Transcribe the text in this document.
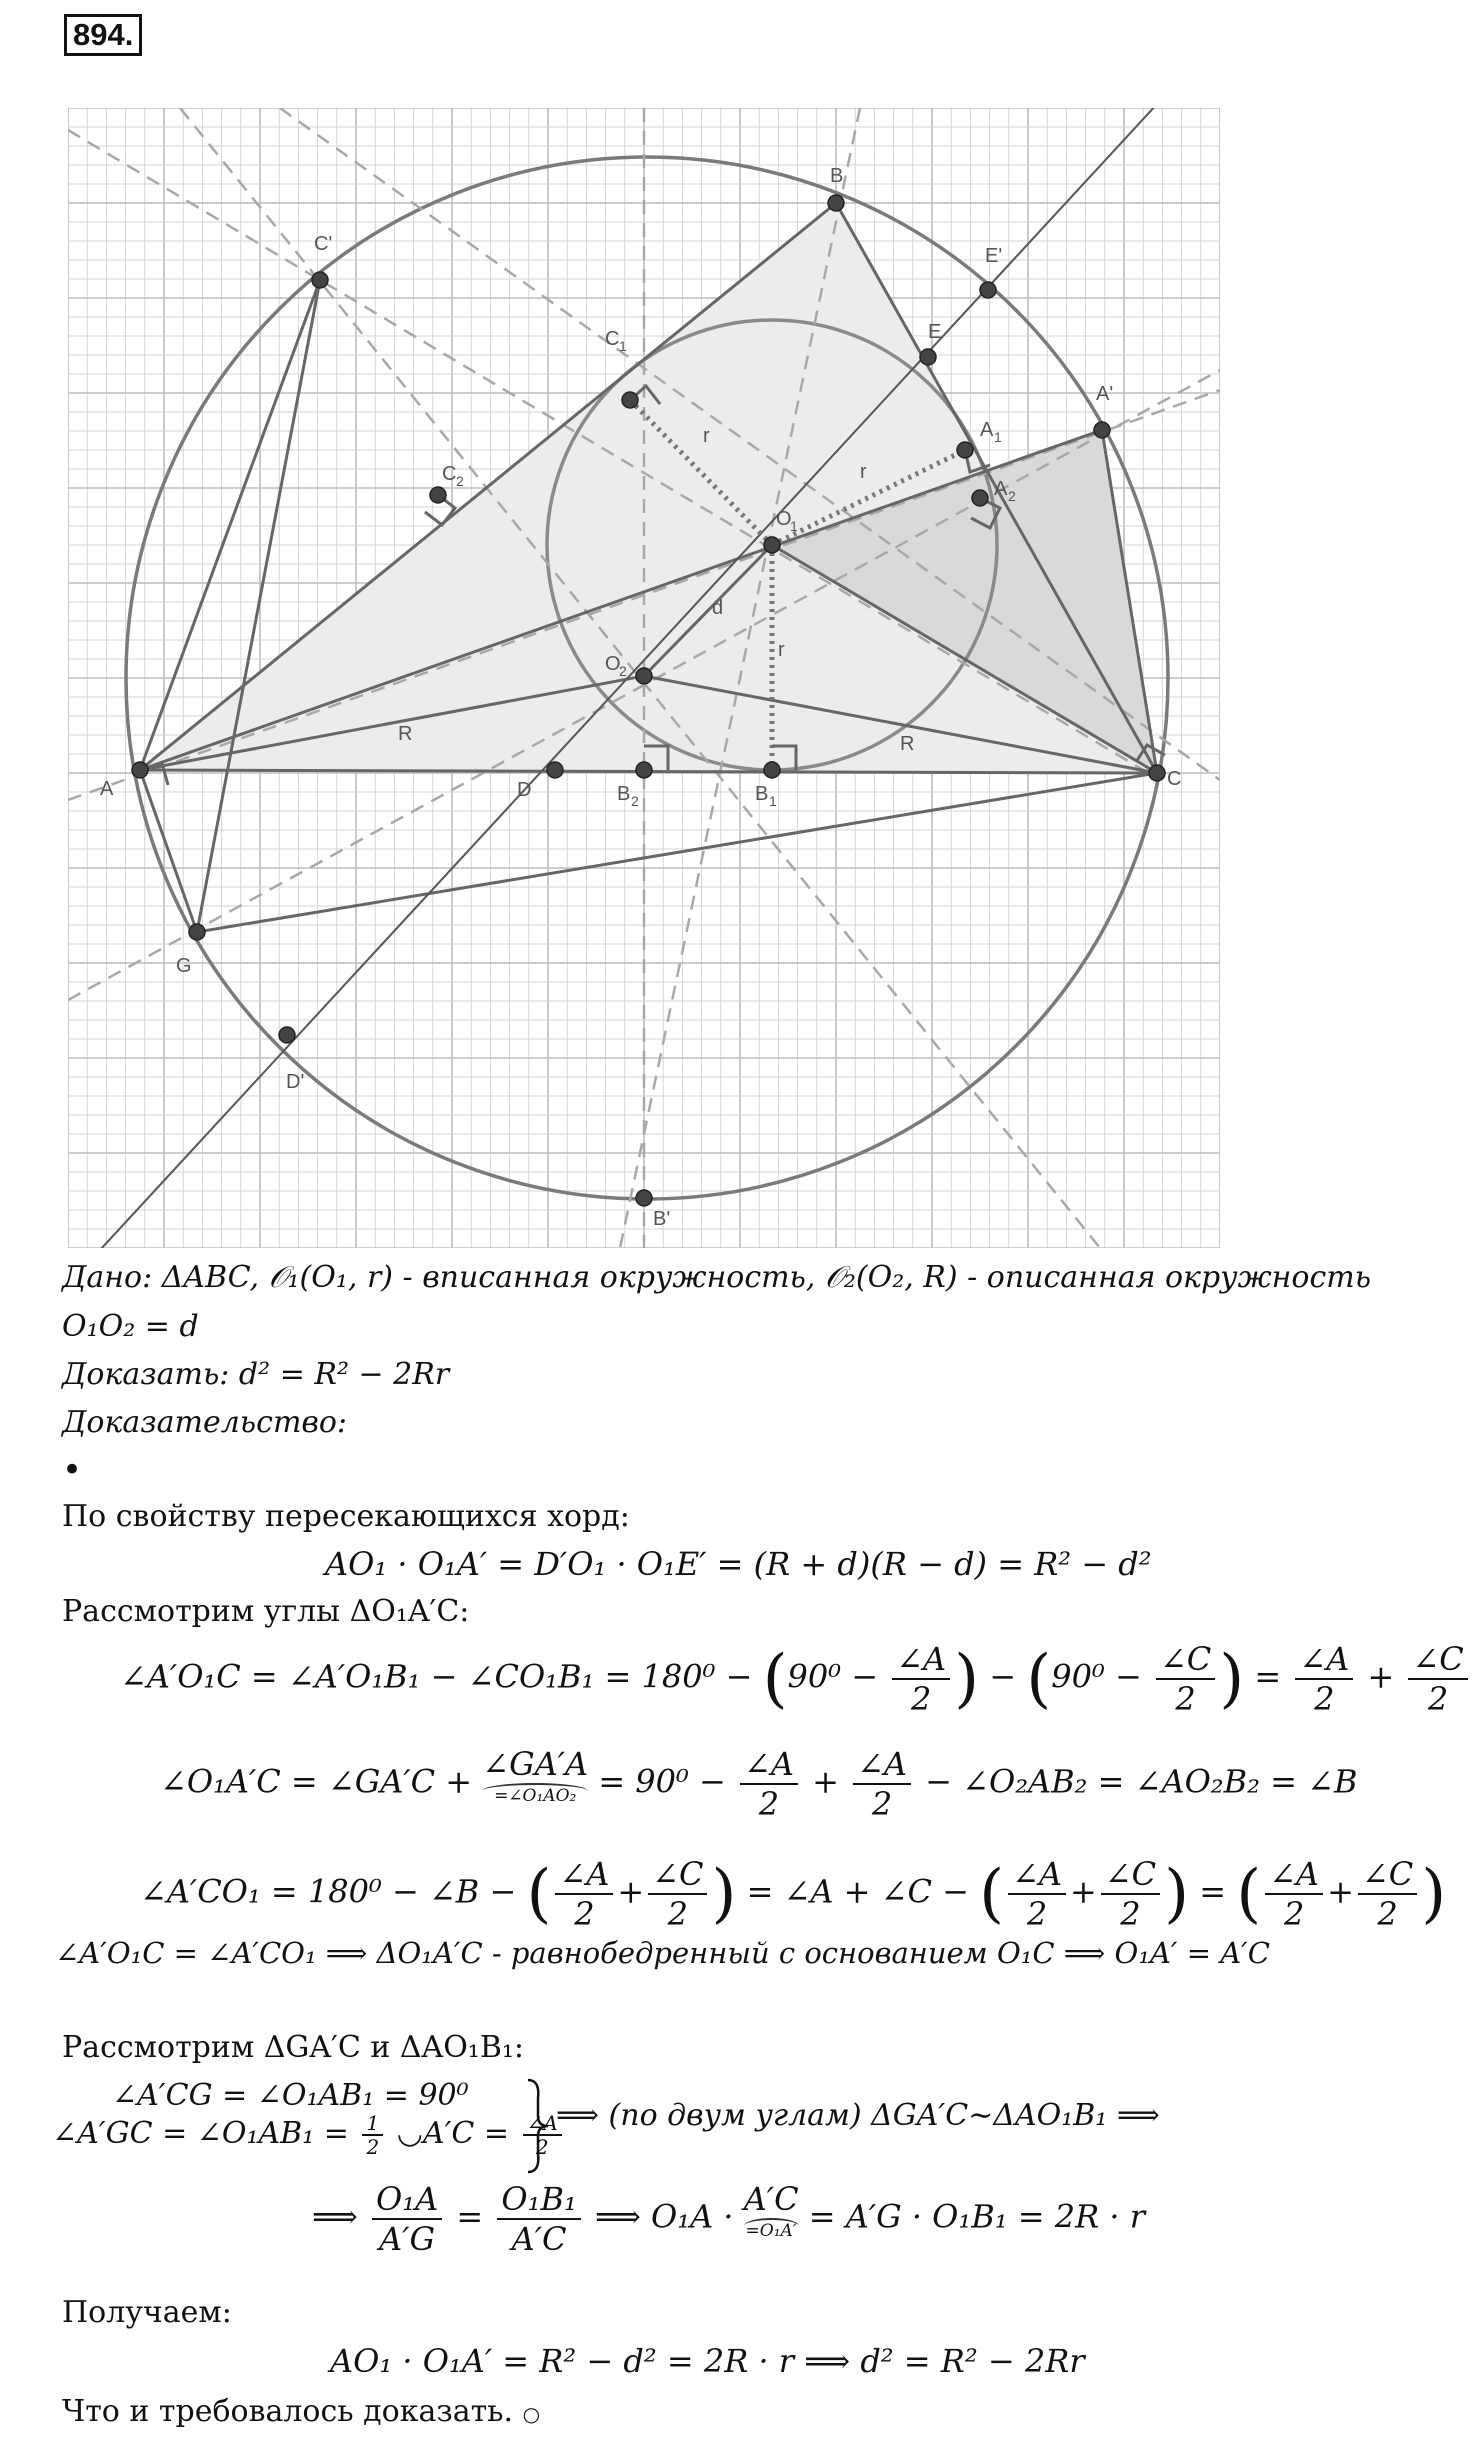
894.
A
B
C
D
E
G
A 1
A 2
B 1
B 2
C 1
C 2
O
1
O
2
A'
B'
C'
D'
E'
R	R
r
r
r
d
Дано: ΔABC, 𝒪₁(O₁, r) - вписанная окружность, 𝒪₂(O₂, R) - описанная окружность
O₁O₂ = d
Доказать: d² = R² − 2Rr
Доказательство:
•
По свойству пересекающихся хорд:
AO₁ · O₁A′ = D′O₁ · O₁E′ = (R + d)(R − d) = R² − d²
Рассмотрим углы ΔO₁A′C:
∠A′O₁C = ∠A′O₁B₁ − ∠CO₁B₁ = $180^0 - (90^0 - \frac{\angle A}{2}$ ) − ($90^0 - \frac{\angle C}{2}$ ) = $\frac{\angle A}{2} + \frac{\angle C}{2}$
∠O₁A′C = ∠GA′C + ∠GA′A
=∠O₁AO₂ = $90^0 - \frac{\angle A}{2} + \frac{\angle A}{2}$ − ∠O₂AB₂ = ∠AO₂B₂ = ∠B
∠A′CO₁ = 180⁰ − ∠B − ( $\frac{\angle A}{2} + \frac{\angle C}{2}$ ) = ∠A + ∠C − ( $\frac{\angle A}{2} + \frac{\angle C}{2}$ ) = ( $\frac{\angle A}{2} + \frac{\angle C}{2}$ )
∠A′O₁C = ∠A′CO₁ ⟹ ΔO₁A′C - равнобедренный с основанием O₁C ⟹ O₁A′ = A′C
Рассмотрим ΔGA′C и ΔAO₁B₁:
∠A′CG = ∠O₁AB₁ = 90⁰
∠A′GC = ∠O₁AB₁ = $\frac{1}{2}$ ◡A′C = $\frac{\angle A}{2}$
⟹ (по двум углам) ΔGA′C∼ΔAO₁B₁ ⟹
⟹ $\frac{\text{O₁A}}{A'G} = \frac{\text{O₁B₁}}{A'C}$ ⟹ O₁A · A′C
=O₁A′ = A′G · O₁B₁ = 2R · r
Получаем:
AO₁ · O₁A′ = R² − d² = 2R · r ⟹ d² = R² − 2Rr
Что и требовалось доказать. ○
